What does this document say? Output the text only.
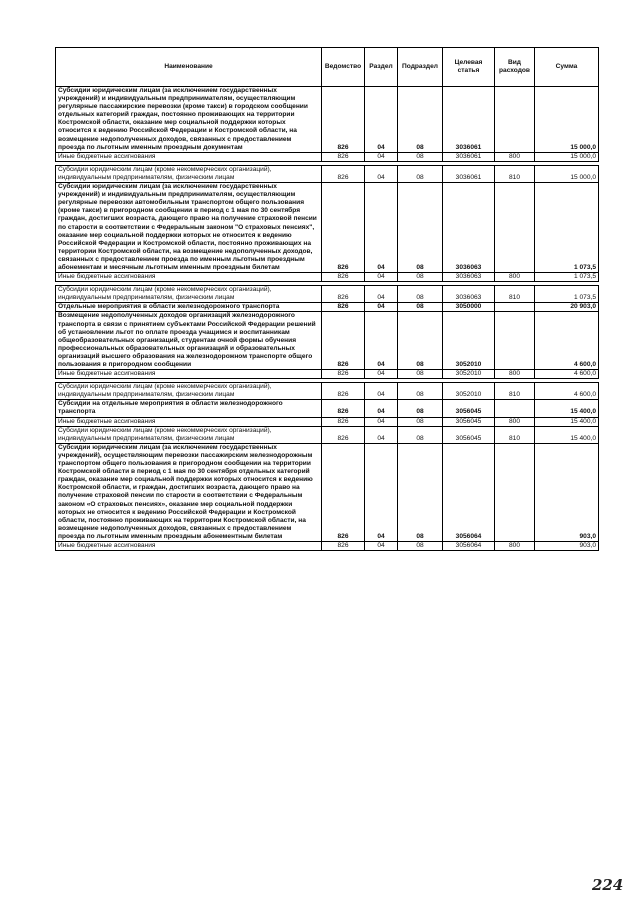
Наименование	Ведомство	Раздел	Подраздел	Целевая статья	Вид расходов	Сумма
Субсидии юридическим лицам (за исключением государственных учреждений) и индивидуальным предпринимателям, осуществляющим регулярные пассажирские перевозки (кроме такси) в городском сообщении отдельных категорий граждан, постоянно проживающих на территории Костромской области, оказание мер социальной поддержки которых относится к ведению Российской Федерации и Костромской области, на возмещение недополученных доходов, связанных с предоставлением проезда по льготным именным проездным документам	826	04	08	3036061		15 000,0
Иные бюджетные ассигнования	826	04	08	3036061	800	15 000,0

Субсидии юридическим лицам (кроме некоммерческих организаций), индивидуальным предпринимателям, физическим лицам	826	04	08	3036061	810	15 000,0
Субсидии юридическим лицам (за исключением государственных учреждений) и индивидуальным предпринимателям, осуществляющим регулярные перевозки автомобильным транспортом общего пользования (кроме такси) в пригородном сообщении в период с 1 мая по 30 сентября граждан, достигших возраста, дающего право на получение страховой пенсии по старости в соответствии с Федеральным законом "О страховых пенсиях", оказание мер социальной поддержки которых не относится к ведению Российской Федерации и Костромской области, постоянно проживающих на территории Костромской области, на возмещение недополученных доходов, связанных с предоставлением проезда по именным льготным проездным абонементам и месячным льготным именным проездным билетам	826	04	08	3036063		1 073,5
Иные бюджетные ассигнования	826	04	08	3036063	800	1 073,5

Субсидии юридическим лицам (кроме некоммерческих организаций), индивидуальным предпринимателям, физическим лицам	826	04	08	3036063	810	1 073,5
Отдельные мероприятия в области железнодорожного транспорта	826	04	08	3050000		20 903,0
Возмещение недополученных доходов организаций железнодорожного транспорта в связи с принятием субъектами Российской Федерации решений об установлении льгот по оплате проезда учащимся и воспитанникам общеобразовательных организаций, студентам очной формы обучения профессиональных образовательных организаций и образовательных организаций высшего образования на железнодорожном транспорте общего пользования в пригородном сообщении	826	04	08	3052010		4 600,0
Иные бюджетные ассигнования	826	04	08	3052010	800	4 600,0

Субсидии юридическим лицам (кроме некоммерческих организаций), индивидуальным предпринимателям, физическим лицам	826	04	08	3052010	810	4 600,0
Субсидии на отдельные мероприятия в области железнодорожного транспорта	826	04	08	3056045		15 400,0
Иные бюджетные ассигнования	826	04	08	3056045	800	15 400,0
Субсидии юридическим лицам (кроме некоммерческих организаций), индивидуальным предпринимателям, физическим лицам	826	04	08	3056045	810	15 400,0
Субсидии юридическим лицам (за исключением государственных учреждений), осуществляющим перевозки пассажирским железнодорожным транспортом общего пользования в пригородном сообщении на территории Костромской области в период с 1 мая по 30 сентября отдельных категорий граждан, оказание мер социальной поддержки которых относится к ведению Костромской области, и граждан, достигших возраста, дающего право на получение страховой пенсии по старости в соответствии с Федеральным законом «О страховых пенсиях», оказание мер социальной поддержки которых не относится к ведению Российской Федерации и Костромской области, постоянно проживающих на территории Костромской области, на возмещение недополученных доходов, связанных с предоставлением проезда по льготным именным проездным абонементным билетам	826	04	08	3056064		903,0
Иные бюджетные ассигнования	826	04	08	3056064	800	903,0
224
